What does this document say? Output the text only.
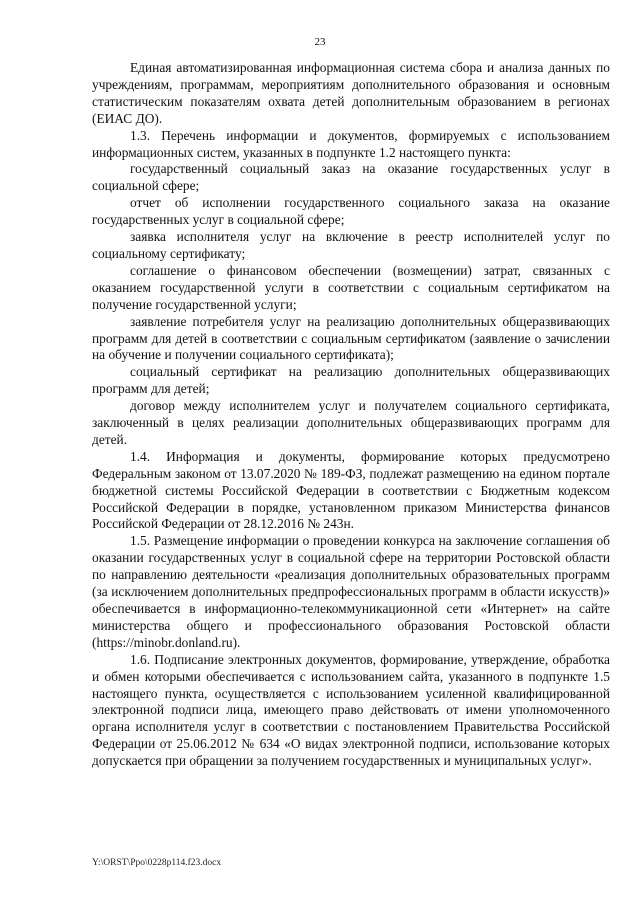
23

Единая автоматизированная информационная система сбора и анализа данных по учреждениям, программам, мероприятиям дополнительного образования и основным статистическим показателям охвата детей дополнительным образованием в регионах (ЕИАС ДО).

1.3. Перечень информации и документов, формируемых с использованием информационных систем, указанных в подпункте 1.2 настоящего пункта:

государственный социальный заказ на оказание государственных услуг в социальной сфере;

отчет об исполнении государственного социального заказа на оказание государственных услуг в социальной сфере;

заявка исполнителя услуг на включение в реестр исполнителей услуг по социальному сертификату;

соглашение о финансовом обеспечении (возмещении) затрат, связанных с оказанием государственной услуги в соответствии с социальным сертификатом на получение государственной услуги;

заявление потребителя услуг на реализацию дополнительных общеразвивающих программ для детей в соответствии с социальным сертификатом (заявление о зачислении на обучение и получении социального сертификата);

социальный сертификат на реализацию дополнительных общеразвивающих программ для детей;

договор между исполнителем услуг и получателем социального сертификата, заключенный в целях реализации дополнительных общеразвивающих программ для детей.

1.4. Информация и документы, формирование которых предусмотрено Федеральным законом от 13.07.2020 № 189-ФЗ, подлежат размещению на едином портале бюджетной системы Российской Федерации в соответствии с Бюджетным кодексом Российской Федерации в порядке, установленном приказом Министерства финансов Российской Федерации от 28.12.2016 № 243н.

1.5. Размещение информации о проведении конкурса на заключение соглашения об оказании государственных услуг в социальной сфере на территории Ростовской области по направлению деятельности «реализация дополнительных образовательных программ (за исключением дополнительных предпрофессиональных программ в области искусств)» обеспечивается в информационно-телекоммуникационной сети «Интернет» на сайте министерства общего и профессионального образования Ростовской области (https://minobr.donland.ru).

1.6. Подписание электронных документов, формирование, утверждение, обработка и обмен которыми обеспечивается с использованием сайта, указанного в подпункте 1.5 настоящего пункта, осуществляется с использованием усиленной квалифицированной электронной подписи лица, имеющего право действовать от имени уполномоченного органа исполнителя услуг в соответствии с постановлением Правительства Российской Федерации от 25.06.2012 № 634 «О видах электронной подписи, использование которых допускается при обращении за получением государственных и муниципальных услуг».

Y:\ORST\Ppo\0228p114.f23.docx
